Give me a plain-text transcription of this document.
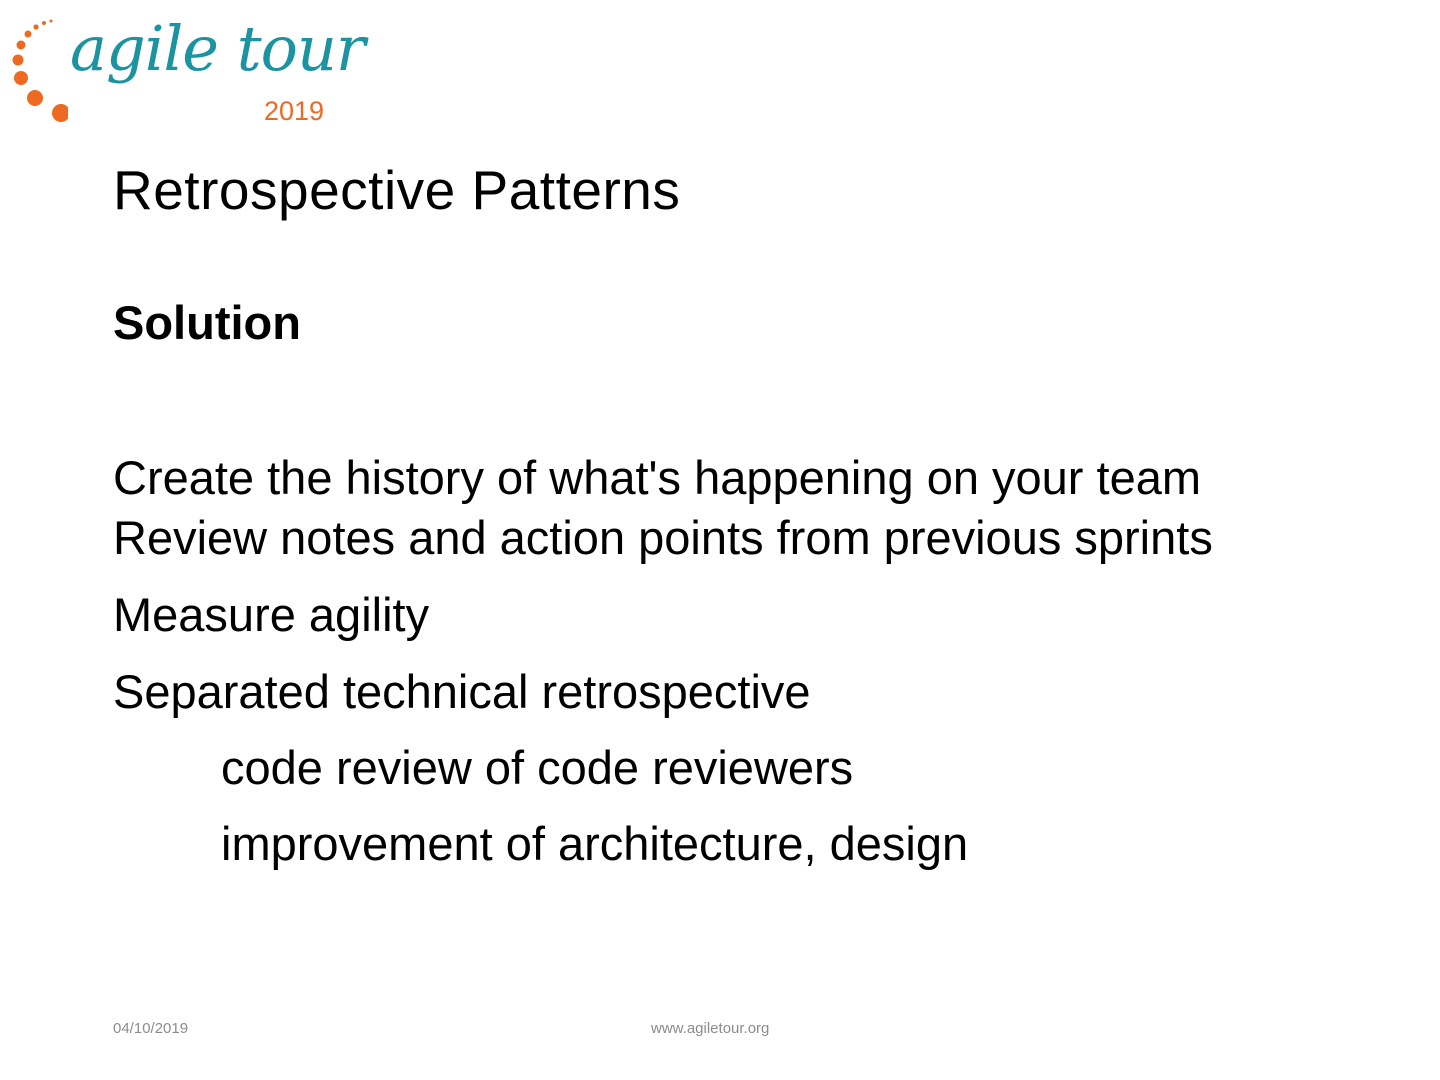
agile tour
2019
Retrospective Patterns
Solution
Create the history of what's happening on your team
Review notes and action points from previous sprints
Measure agility
Separated technical retrospective
code review of code reviewers
improvement of architecture, design
04/10/2019	www.agiletour.org
